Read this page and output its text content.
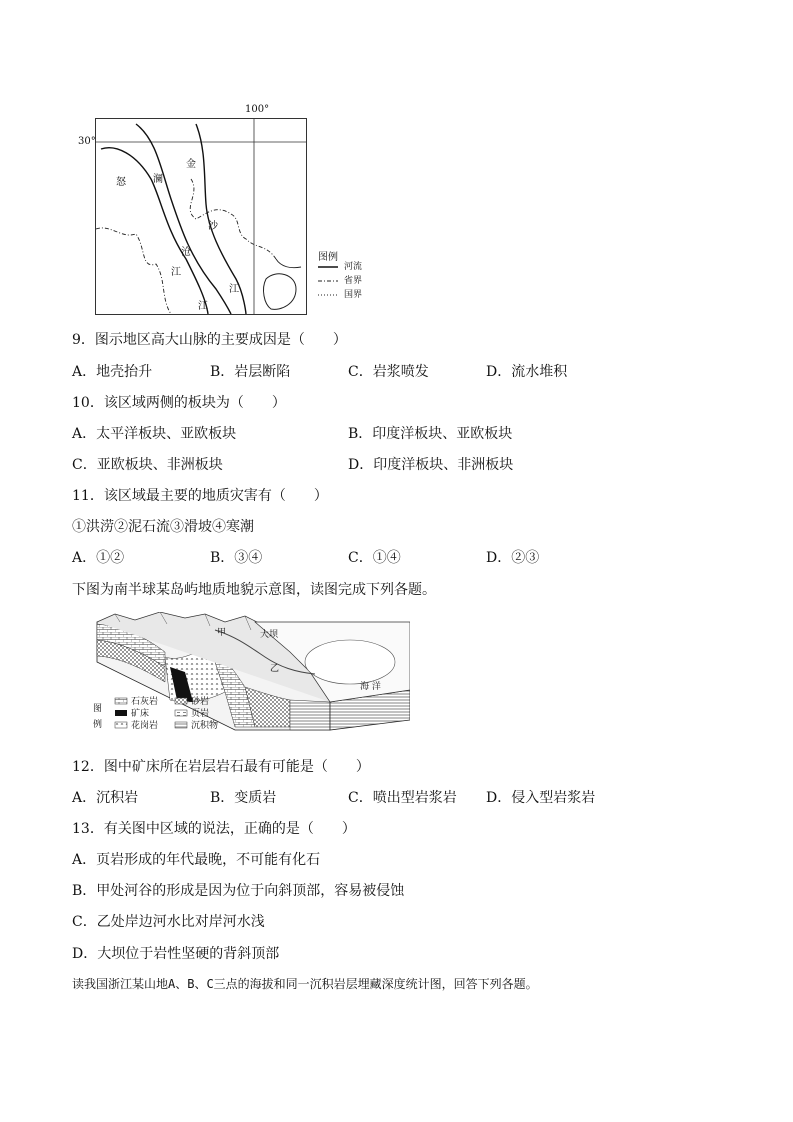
金
怒	澜
沙
沧
江
江
江
100°
30°
图例
河流
省界
国界
9．图示地区高大山脉的主要成因是（　　）
A．地壳抬升	B．岩层断陷	C．岩浆喷发	D．流水堆积
10．该区域两侧的板块为（　　）
A．太平洋板块、亚欧板块	B．印度洋板块、亚欧板块
C．亚欧板块、非洲板块	D．印度洋板块、非洲板块
11．该区域最主要的地质灾害有（　　）
①洪涝②泥石流③滑坡④寒潮
A．①②	B．③④	C．①④	D．②③
下图为南半球某岛屿地质地貌示意图，读图完成下列各题。
甲	大坝
乙
海 洋
图
例
石灰岩	砂岩
矿床	页岩
花岗岩	沉积物
12．图中矿床所在岩层岩石最有可能是（　　）
A．沉积岩	B．变质岩	C．喷出型岩浆岩 D．侵入型岩浆岩
13．有关图中区域的说法，正确的是（　　）
A．页岩形成的年代最晚，不可能有化石
B．甲处河谷的形成是因为位于向斜顶部，容易被侵蚀
C．乙处岸边河水比对岸河水浅
D．大坝位于岩性坚硬的背斜顶部
读我国浙江某山地A、B、C三点的海拔和同一沉积岩层埋藏深度统计图，回答下列各题。
